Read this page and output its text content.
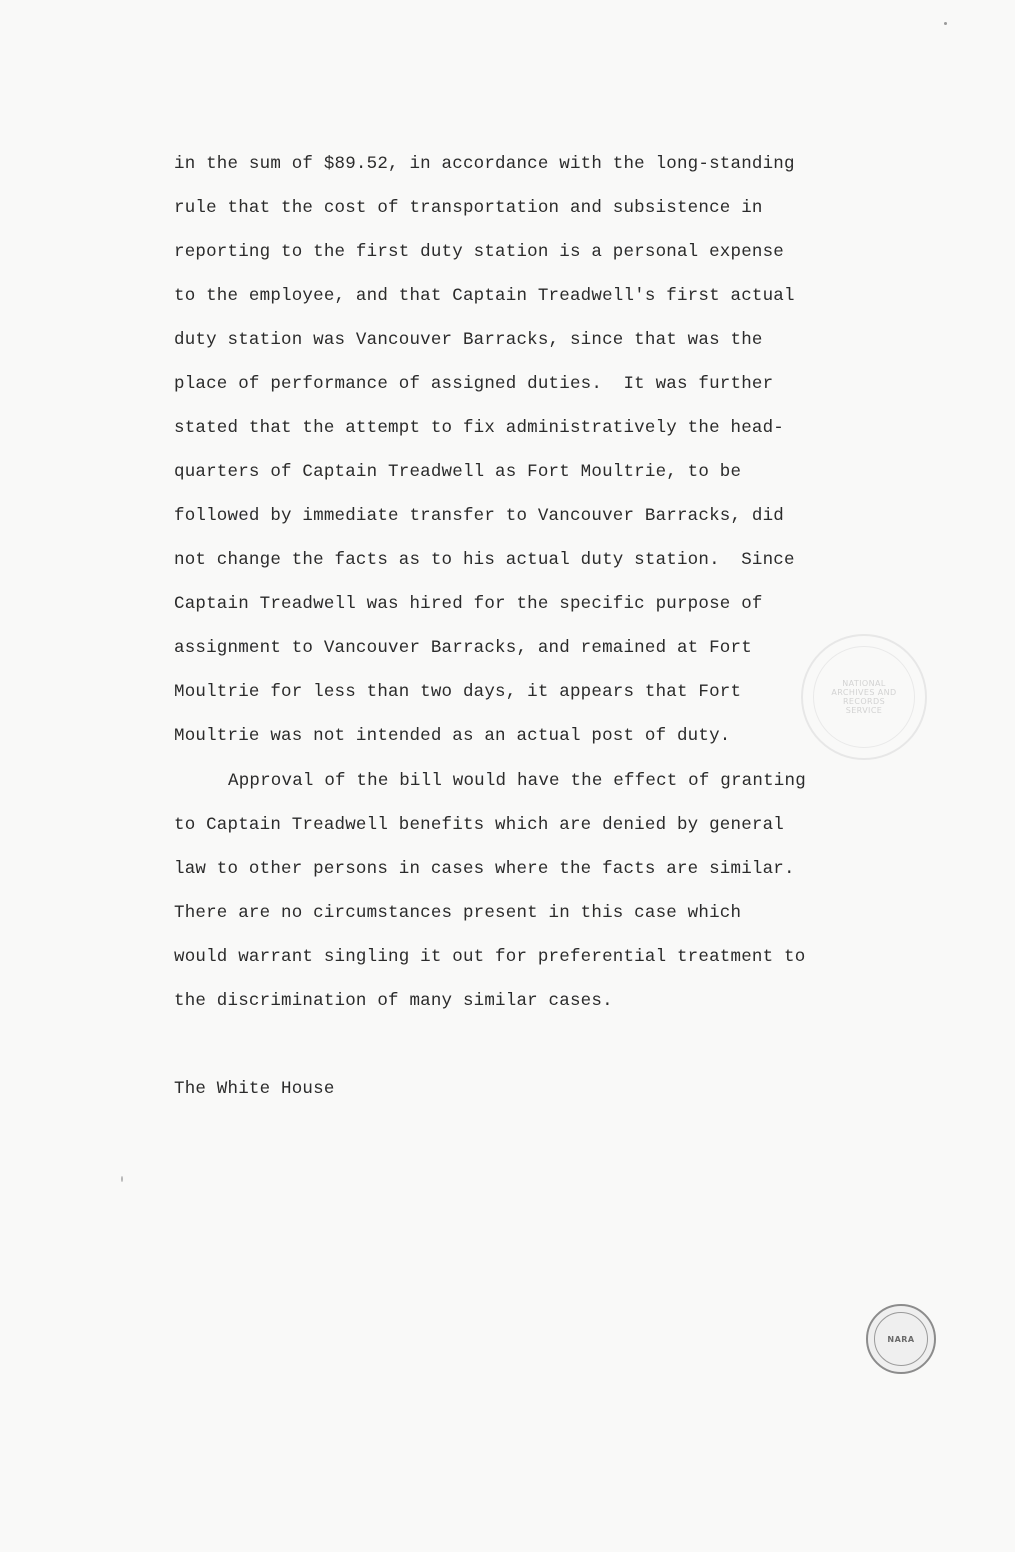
in the sum of $89.52, in accordance with the long-standing
rule that the cost of transportation and subsistence in
reporting to the first duty station is a personal expense
to the employee, and that Captain Treadwell's first actual
duty station was Vancouver Barracks, since that was the
place of performance of assigned duties.  It was further
stated that the attempt to fix administratively the head-
quarters of Captain Treadwell as Fort Moultrie, to be
followed by immediate transfer to Vancouver Barracks, did
not change the facts as to his actual duty station.  Since
Captain Treadwell was hired for the specific purpose of
assignment to Vancouver Barracks, and remained at Fort
Moultrie for less than two days, it appears that Fort
Moultrie was not intended as an actual post of duty.
Approval of the bill would have the effect of granting
to Captain Treadwell benefits which are denied by general
law to other persons in cases where the facts are similar.
There are no circumstances present in this case which
would warrant singling it out for preferential treatment to
the discrimination of many similar cases.
The White House
NATIONAL ARCHIVES AND RECORDS SERVICE
NARA
